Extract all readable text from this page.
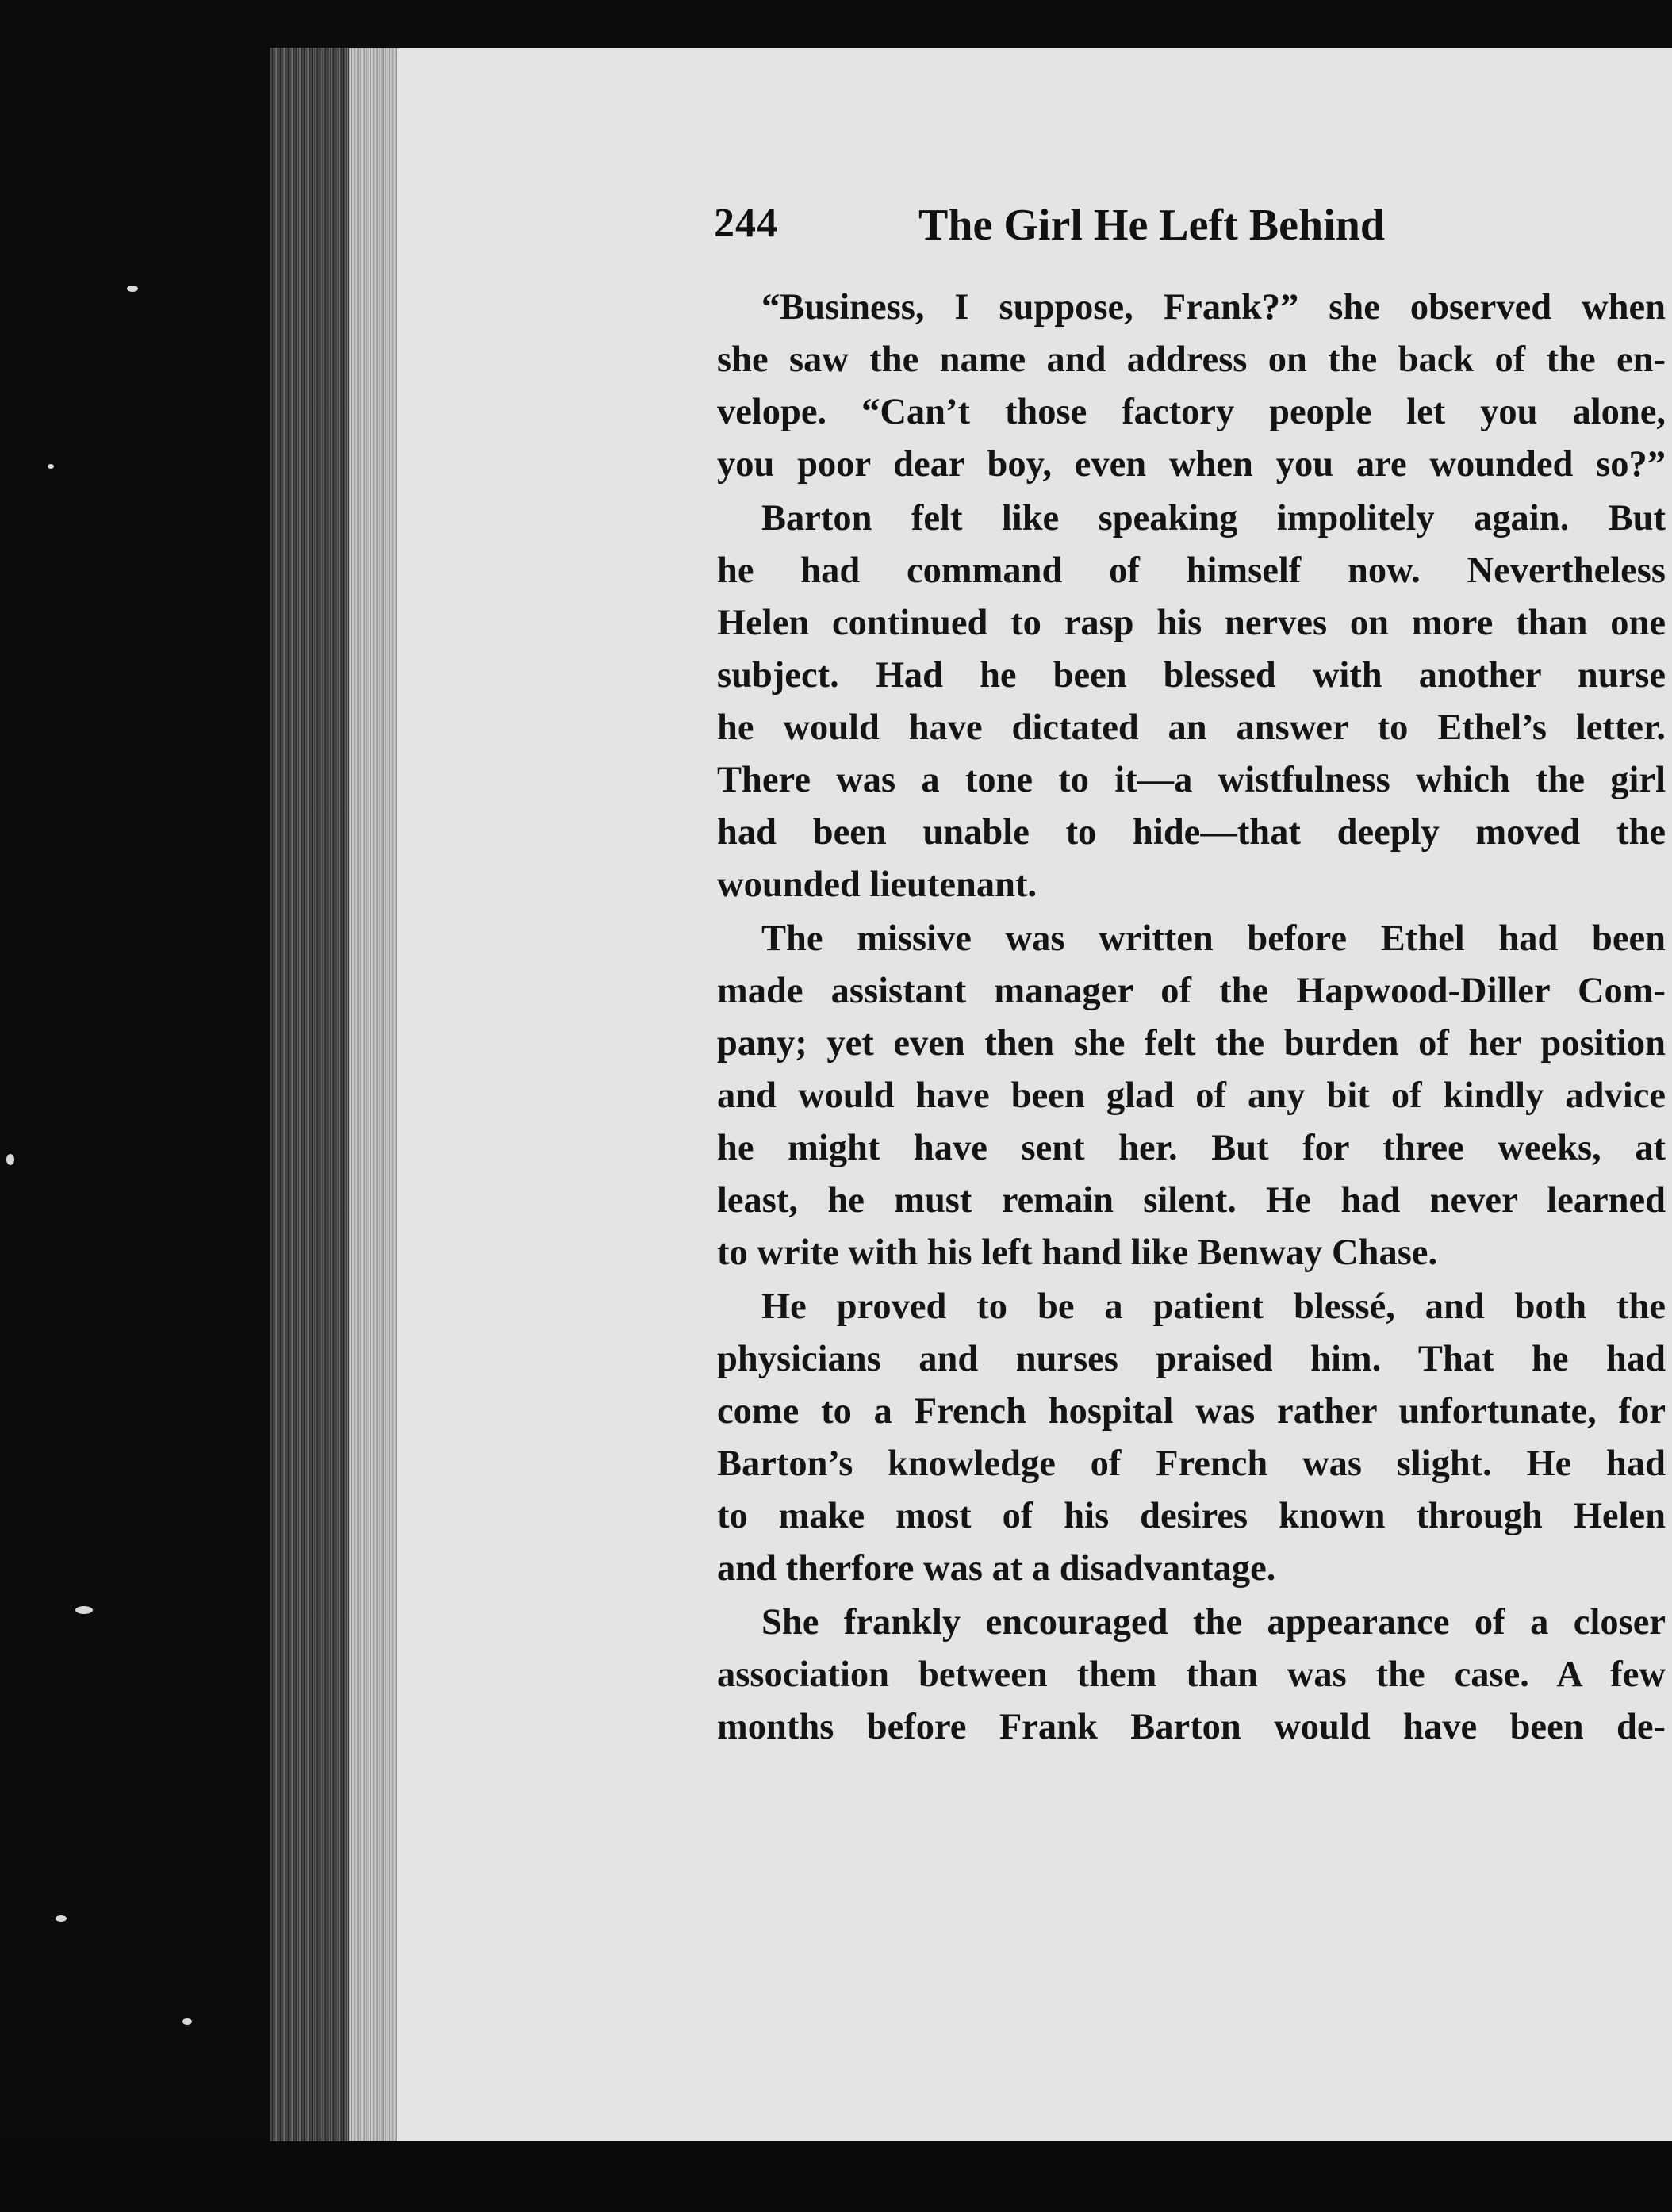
244	The Girl He Left Behind
“Business, I suppose, Frank?” she observed when
she saw the name and address on the back of the en-
velope. “Can’t those factory people let you alone,
you poor dear boy, even when you are wounded so?”
Barton felt like speaking impolitely again. But
he had command of himself now. Nevertheless
Helen continued to rasp his nerves on more than one
subject. Had he been blessed with another nurse
he would have dictated an answer to Ethel’s letter.
There was a tone to it—a wistfulness which the girl
had been unable to hide—that deeply moved the
wounded lieutenant.
The missive was written before Ethel had been
made assistant manager of the Hapwood-Diller Com-
pany; yet even then she felt the burden of her position
and would have been glad of any bit of kindly advice
he might have sent her. But for three weeks, at
least, he must remain silent. He had never learned
to write with his left hand like Benway Chase.
He proved to be a patient blessé, and both the
physicians and nurses praised him. That he had
come to a French hospital was rather unfortunate, for
Barton’s knowledge of French was slight. He had
to make most of his desires known through Helen
and therfore was at a disadvantage.
She frankly encouraged the appearance of a closer
association between them than was the case. A few
months before Frank Barton would have been de-
